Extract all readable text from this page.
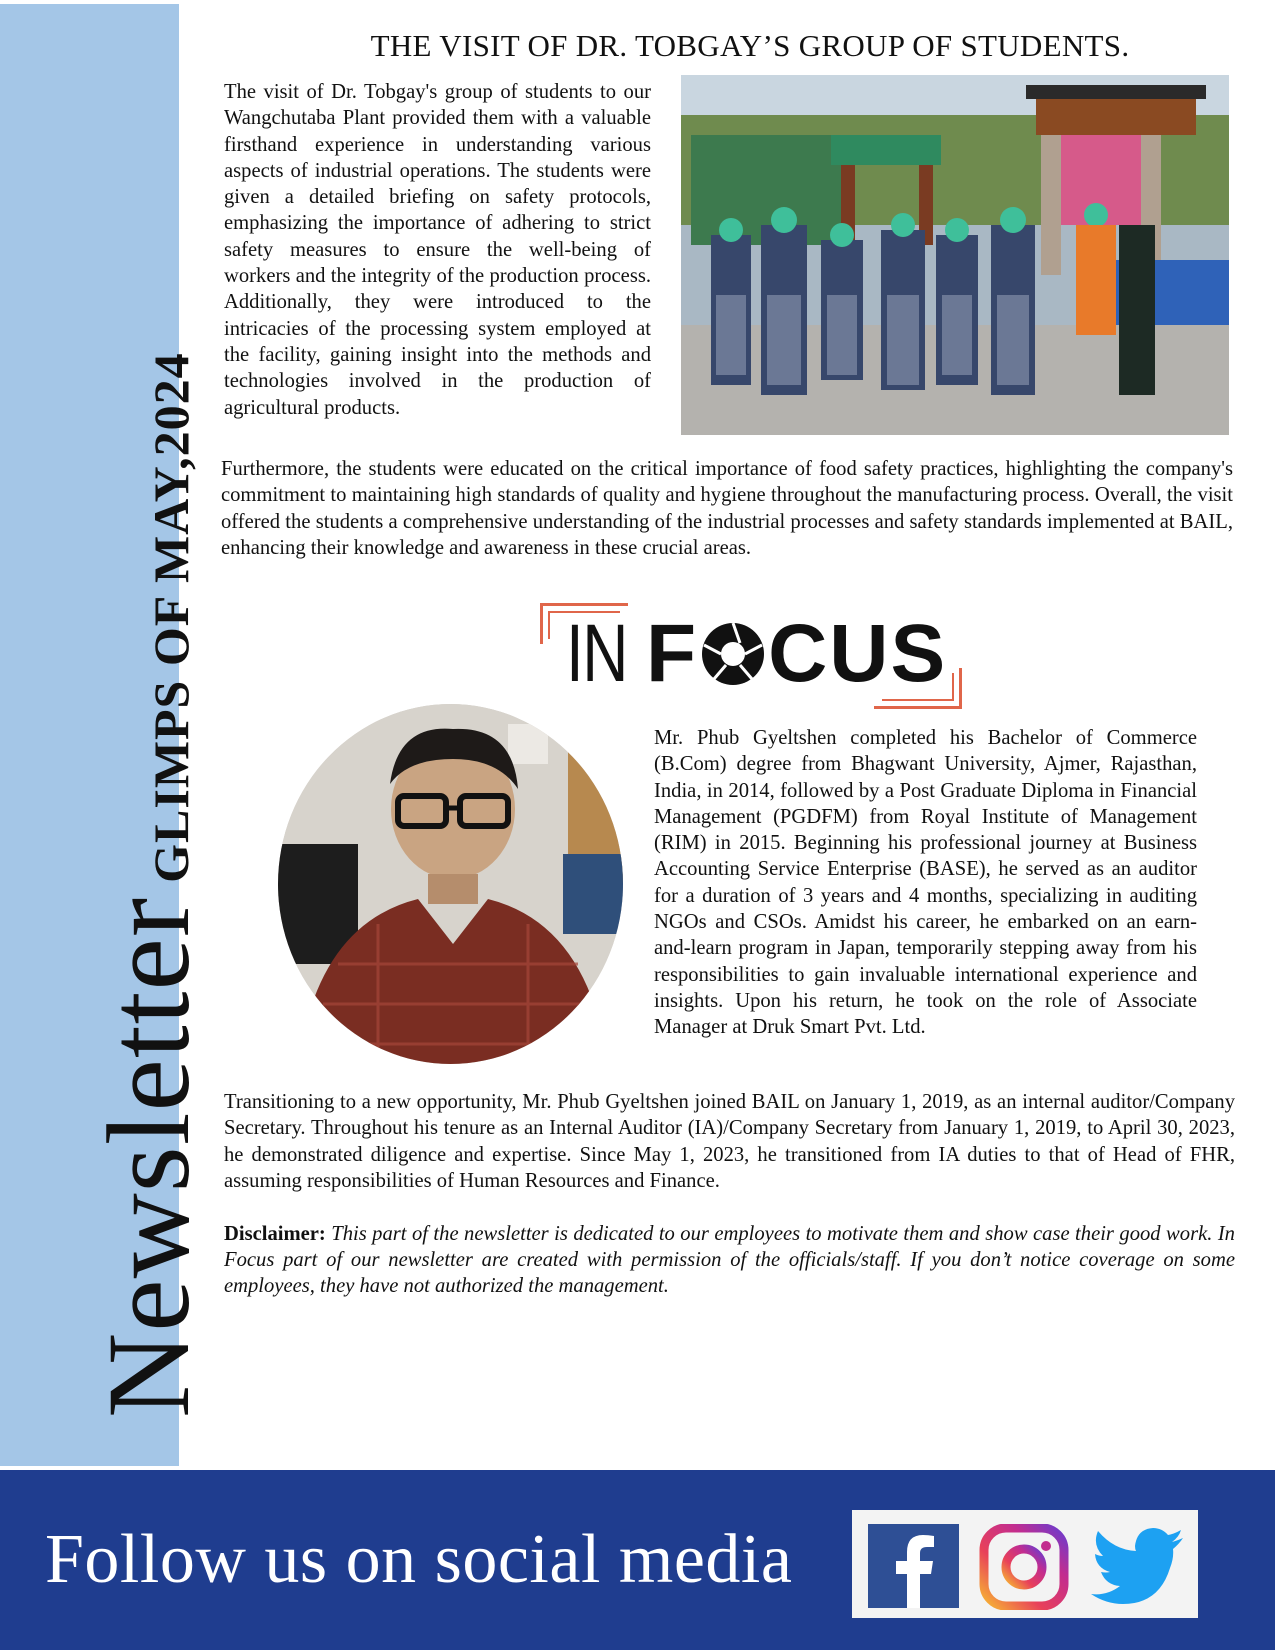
Newsletter
GLIMPS OF MAY,2024
THE VISIT OF DR. TOBGAY’S GROUP OF STUDENTS.

The visit of Dr. Tobgay's group of students to our Wangchutaba Plant provided them with a valuable firsthand experience in understanding various aspects of industrial operations. The students were given a detailed briefing on safety protocols, emphasizing the importance of adhering to strict safety measures to ensure the well-being of workers and the integrity of the production process. Additionally, they were introduced to the intricacies of the processing system employed at the facility, gaining insight into the methods and technologies involved in the production of agricultural products.

Furthermore, the students were educated on the critical importance of food safety practices, highlighting the company's commitment to maintaining high standards of quality and hygiene throughout the manufacturing process. Overall, the visit offered the students a comprehensive understanding of the industrial processes and safety standards implemented at BAIL, enhancing their knowledge and awareness in these crucial areas.

IN F CUS

Mr. Phub Gyeltshen completed his Bachelor of Commerce (B.Com) degree from Bhagwant University, Ajmer, Rajasthan, India, in 2014, followed by a Post Graduate Diploma in Financial Management (PGDFM) from Royal Institute of Management (RIM) in 2015. Beginning his professional journey at Business Accounting Service Enterprise (BASE), he served as an auditor for a duration of 3 years and 4 months, specializing in auditing NGOs and CSOs. Amidst his career, he embarked on an earn-and-learn program in Japan, temporarily stepping away from his responsibilities to gain invaluable international experience and insights. Upon his return, he took on the role of Associate Manager at Druk Smart Pvt. Ltd.

Transitioning to a new opportunity, Mr. Phub Gyeltshen joined BAIL on January 1, 2019, as an internal auditor/Company Secretary. Throughout his tenure as an Internal Auditor (IA)/Company Secretary from January 1, 2019, to April 30, 2023, he demonstrated diligence and expertise. Since May 1, 2023, he transitioned from IA duties to that of Head of FHR, assuming responsibilities of Human Resources and Finance.

Disclaimer: This part of the newsletter is dedicated to our employees to motivate them and show case their good work. In Focus part of our newsletter are created with permission of the officials/staff. If you don’t notice coverage on some employees, they have not authorized the management.

Follow us on social media
